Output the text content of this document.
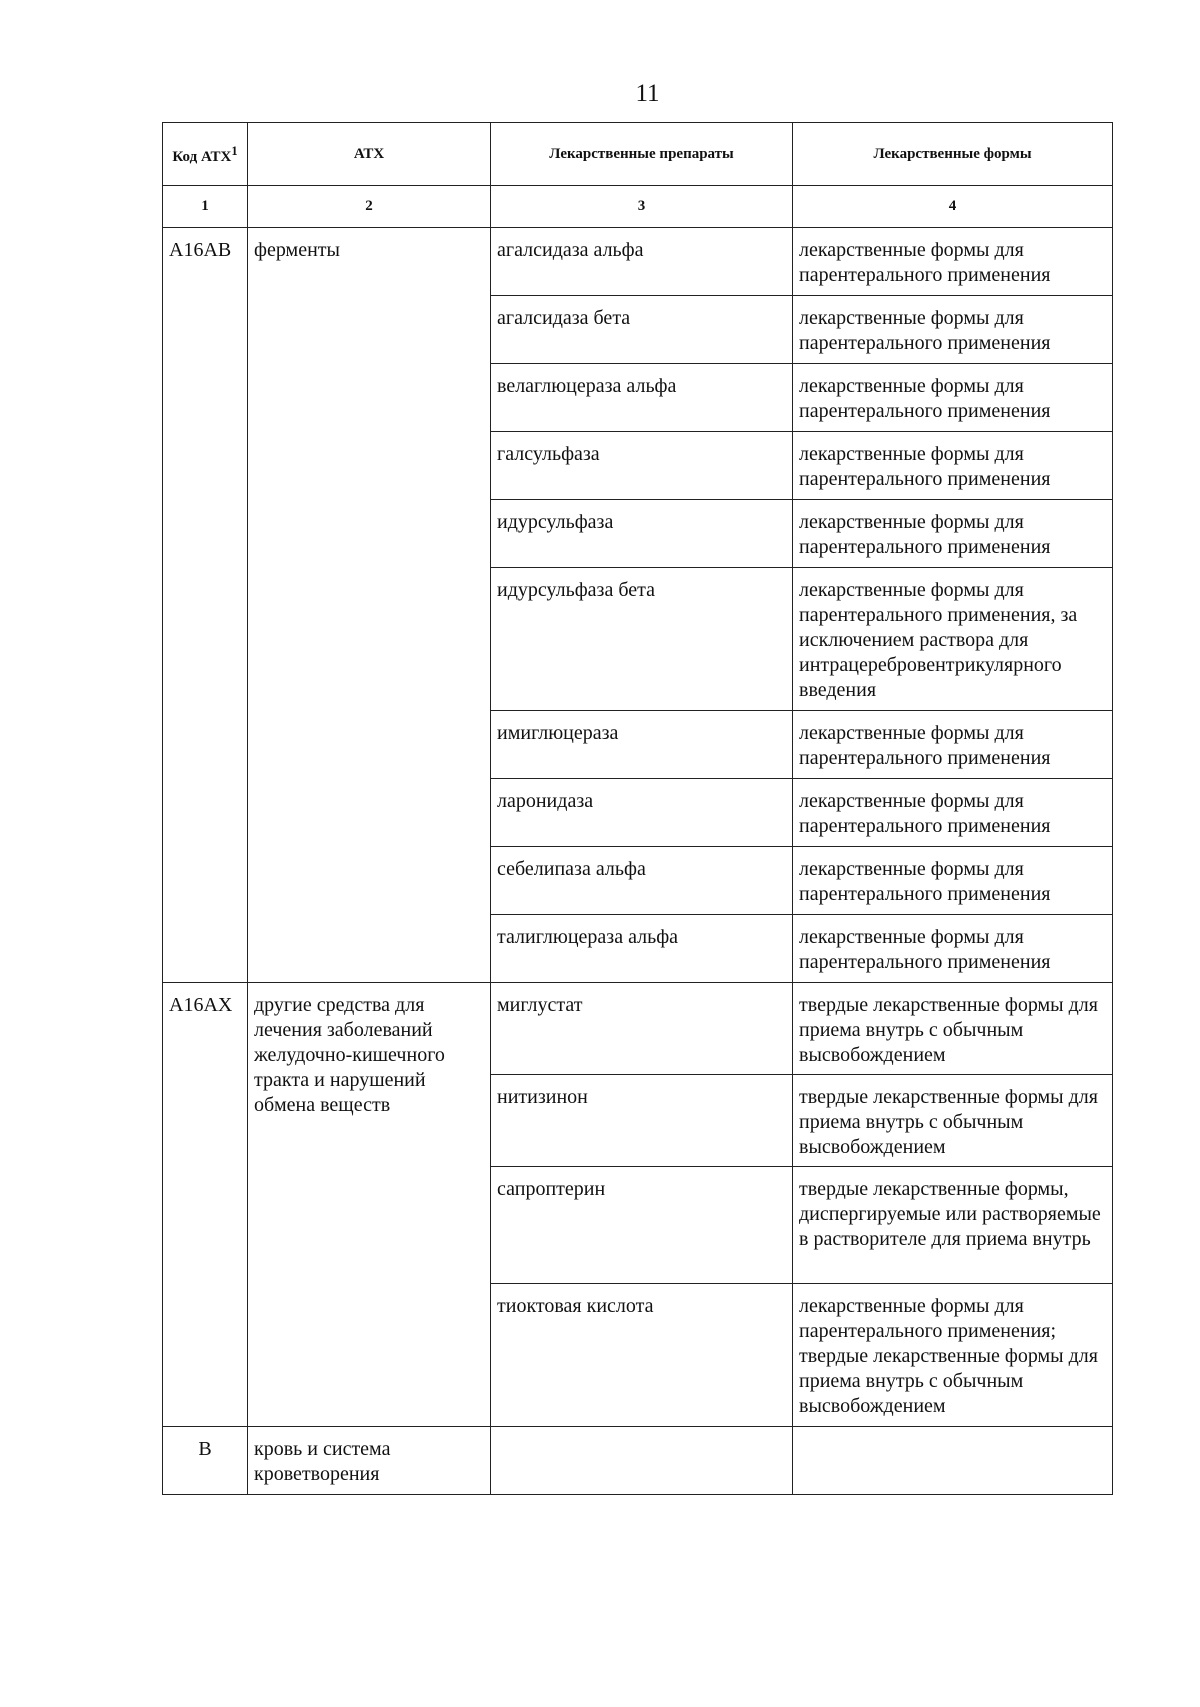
11
Код АТХ$^1$	АТХ	Лекарственные препараты	Лекарственные формы
1	2	3	4
A16AB	ферменты	агалсидаза альфа	лекарственные формы для парентерального применения
		агалсидаза бета	лекарственные формы для парентерального применения
		велаглюцераза альфа	лекарственные формы для парентерального применения
		галсульфаза	лекарственные формы для парентерального применения
		идурсульфаза	лекарственные формы для парентерального применения
		идурсульфаза бета	лекарственные формы для парентерального применения, за исключением раствора для интрацеребровентрикулярного введения
		имиглюцераза	лекарственные формы для парентерального применения
		ларонидаза	лекарственные формы для парентерального применения
		себелипаза альфа	лекарственные формы для парентерального применения
		талиглюцераза альфа	лекарственные формы для парентерального применения
A16AX	другие средства для лечения заболеваний желудочно-кишечного тракта и нарушений обмена веществ	миглустат	твердые лекарственные формы для приема внутрь с обычным высвобождением
		нитизинон	твердые лекарственные формы для приема внутрь с обычным высвобождением
		сапроптерин	твердые лекарственные формы, диспергируемые или растворяемые в растворителе для приема внутрь
		тиоктовая кислота	лекарственные формы для парентерального применения; твердые лекарственные формы для приема внутрь с обычным высвобождением
B	кровь и система кроветворения		
